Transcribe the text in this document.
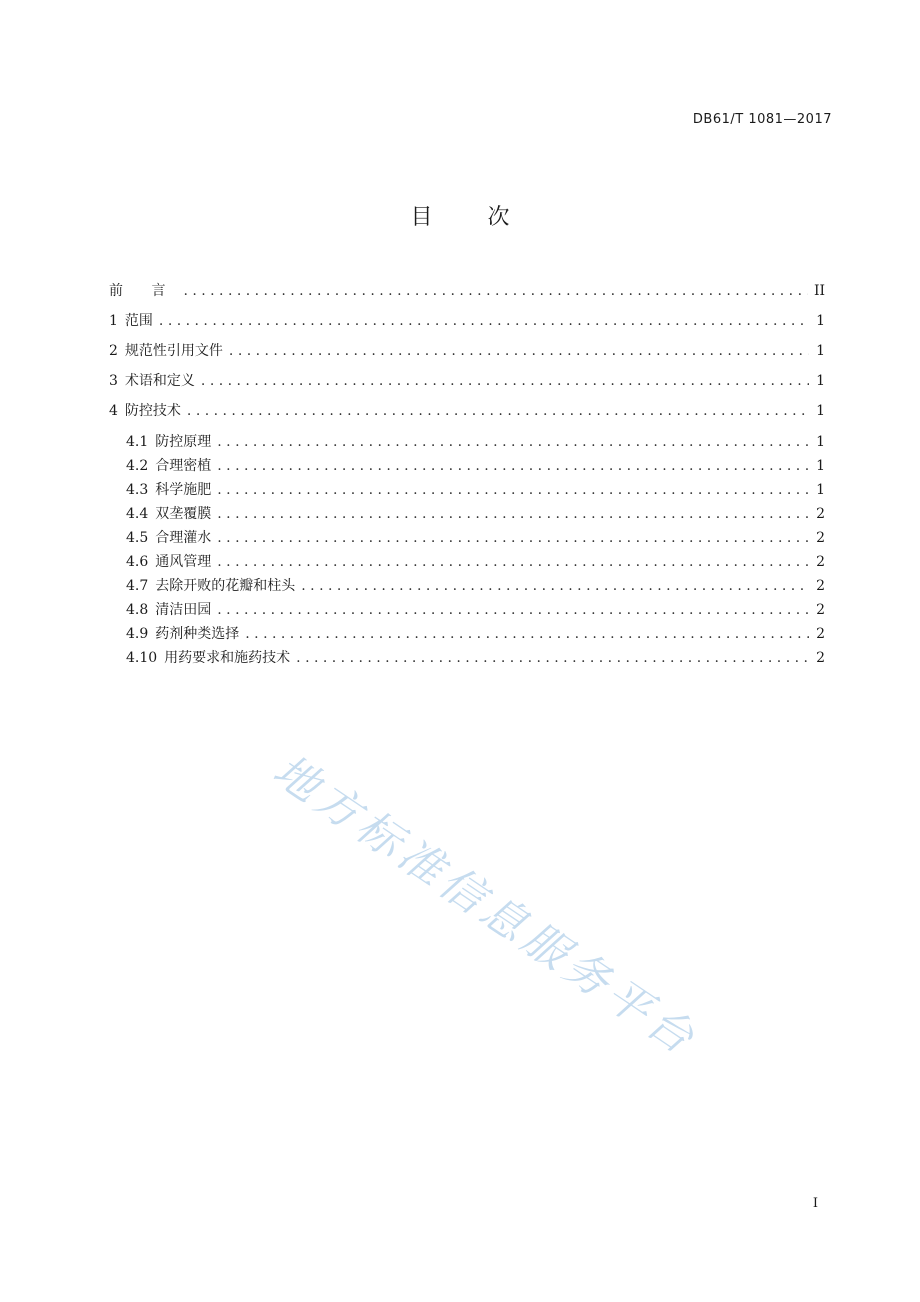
DB61/T 1081—2017
目 次
前 言 . . .	II
1 范围 . . .	1
2 规范性引用文件 . . .	1
3 术语和定义 . . .	1
4 防控技术 . . .	1
4.1 防控原理 . . .	1
4.2 合理密植 . . .	1
4.3 科学施肥 . . .	1
4.4 双垄覆膜 . . .	2
4.5 合理灌水 . . .	2
4.6 通风管理 . . .	2
4.7 去除开败的花瓣和柱头 . . .	2
4.8 清洁田园 . . .	2
4.9 药剂种类选择 . . .	2
4.10 用药要求和施药技术 . . .	2
地方标准信息服务平台
I
